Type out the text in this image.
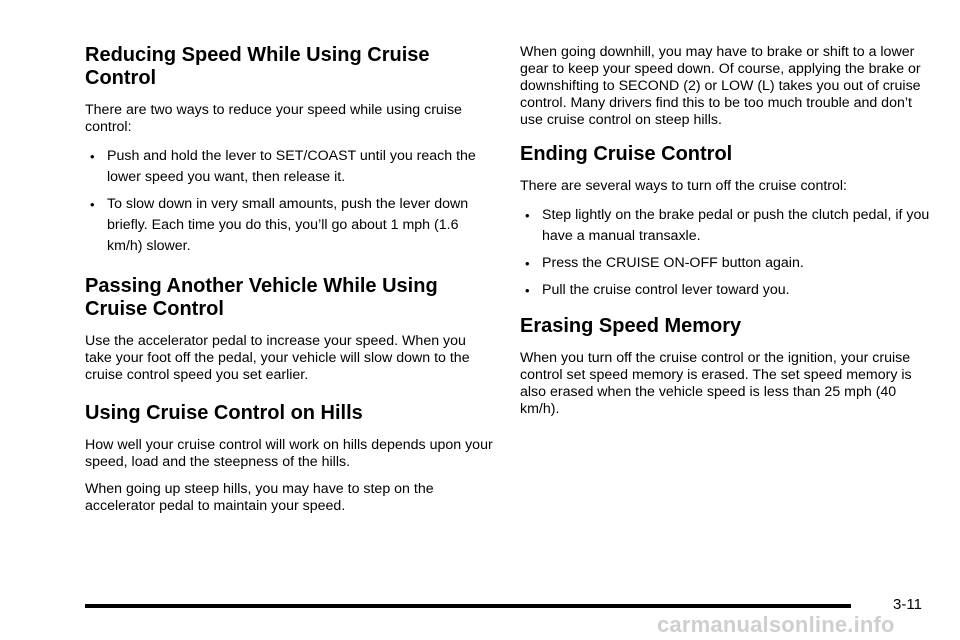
Reducing Speed While Using Cruise Control

There are two ways to reduce your speed while using cruise control:

• Push and hold the lever to SET/COAST until you reach the lower speed you want, then release it.
• To slow down in very small amounts, push the lever down briefly. Each time you do this, you’ll go about 1 mph (1.6 km/h) slower.
Passing Another Vehicle While Using Cruise Control

Use the accelerator pedal to increase your speed. When you take your foot off the pedal, your vehicle will slow down to the cruise control speed you set earlier.

Using Cruise Control on Hills

How well your cruise control will work on hills depends upon your speed, load and the steepness of the hills.

When going up steep hills, you may have to step on the accelerator pedal to maintain your speed.

When going downhill, you may have to brake or shift to a lower gear to keep your speed down. Of course, applying the brake or downshifting to SECOND (2) or LOW (L) takes you out of cruise control. Many drivers find this to be too much trouble and don’t use cruise control on steep hills.

Ending Cruise Control

There are several ways to turn off the cruise control:

• Step lightly on the brake pedal or push the clutch pedal, if you have a manual transaxle.
• Press the CRUISE ON-OFF button again.
• Pull the cruise control lever toward you.
Erasing Speed Memory

When you turn off the cruise control or the ignition, your cruise control set speed memory is erased. The set speed memory is also erased when the vehicle speed is less than 25 mph (40 km/h).

3-11
carmanualsonline.info
